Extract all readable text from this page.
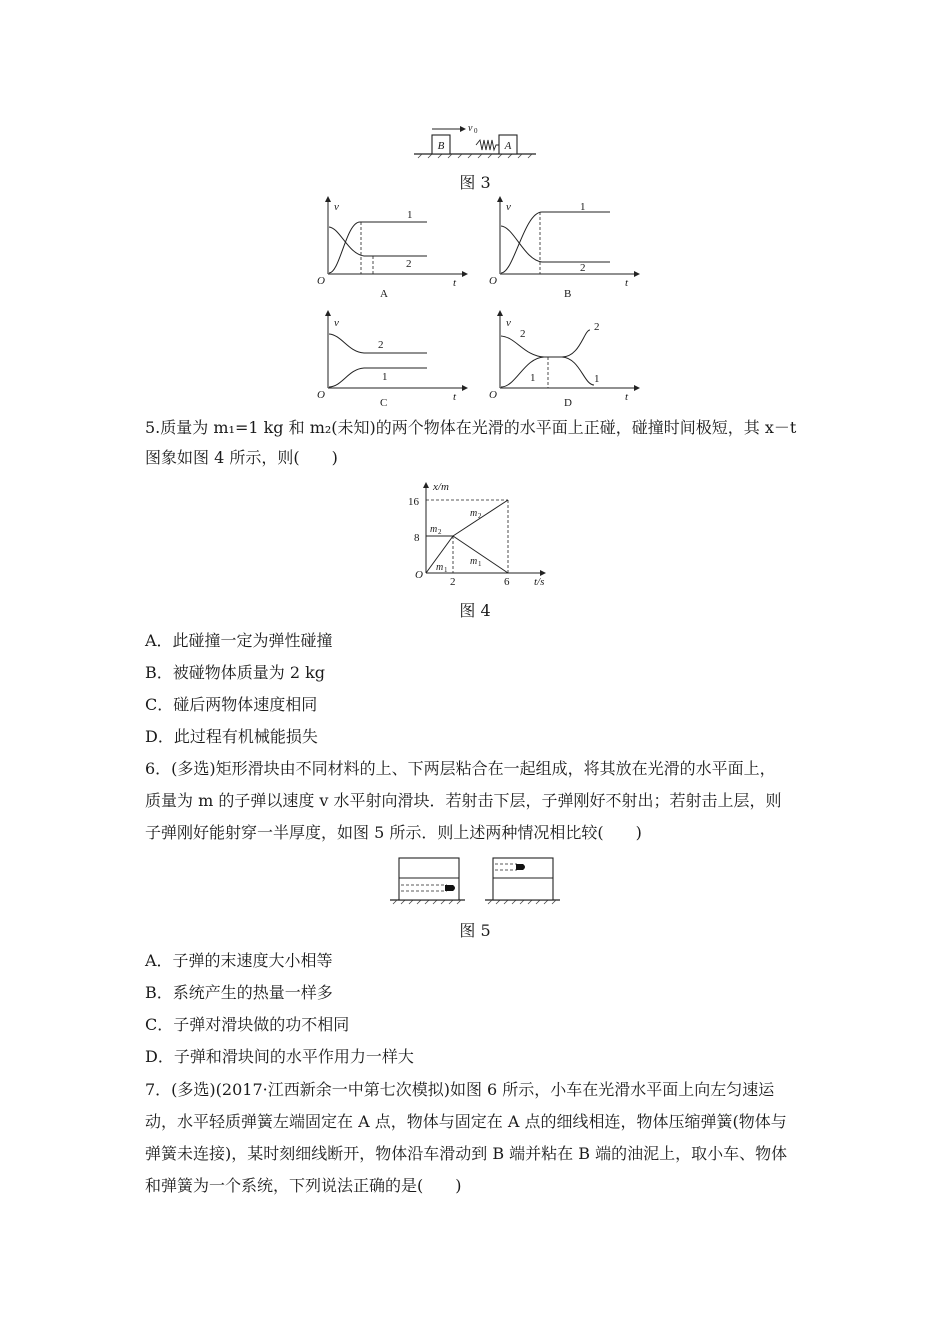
B	A
v 0
图 3
v
O	t
1
2
A
v
O	t
1
2
B
v
O	t
2
1
C
v
O	t
2
1
2
1
D
5.质量为 m₁=1 kg 和 m₂(未知)的两个物体在光滑的水平面上正碰，碰撞时间极短，其 x－t
图象如图 4 所示，则(　　)
x/m
t/s
O
16
8
2	6
m 2
m 2
m 1
m 1
图 4
A．此碰撞一定为弹性碰撞
B．被碰物体质量为 2 kg
C．碰后两物体速度相同
D．此过程有机械能损失
6．(多选)矩形滑块由不同材料的上、下两层粘合在一起组成，将其放在光滑的水平面上，
质量为 m 的子弹以速度 v 水平射向滑块．若射击下层，子弹刚好不射出；若射击上层，则
子弹刚好能射穿一半厚度，如图 5 所示．则上述两种情况相比较(　　)
图 5
A．子弹的末速度大小相等
B．系统产生的热量一样多
C．子弹对滑块做的功不相同
D．子弹和滑块间的水平作用力一样大
7．(多选)(2017·江西新余一中第七次模拟)如图 6 所示，小车在光滑水平面上向左匀速运
动，水平轻质弹簧左端固定在 A 点，物体与固定在 A 点的细线相连，物体压缩弹簧(物体与
弹簧未连接)，某时刻细线断开，物体沿车滑动到 B 端并粘在 B 端的油泥上，取小车、物体
和弹簧为一个系统，下列说法正确的是(　　)
